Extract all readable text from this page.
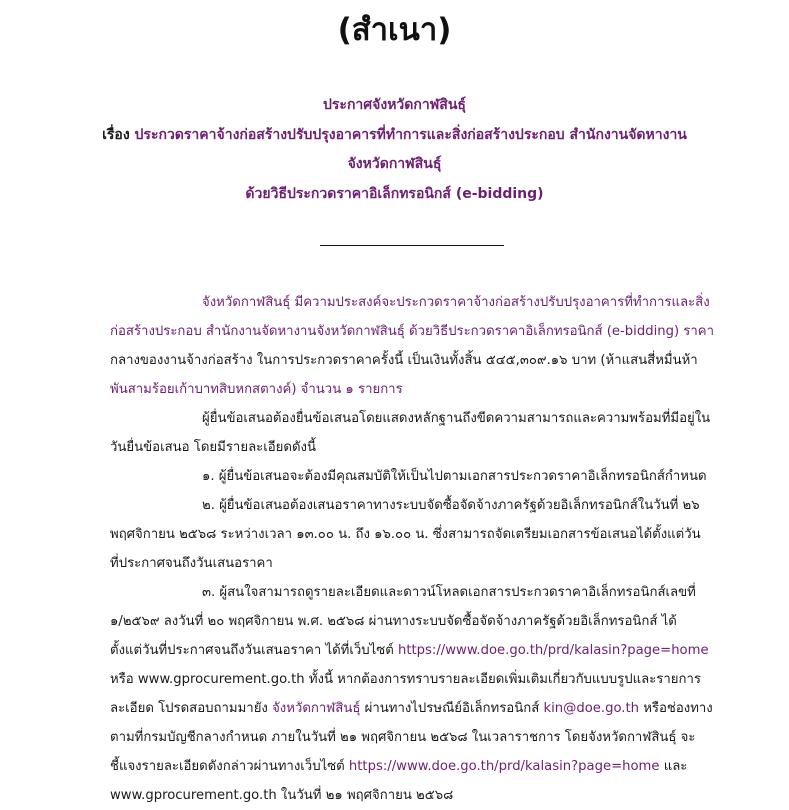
(สำเนา)
ประกาศจังหวัดกาฬสินธุ์
เรื่อง ประกวดราคาจ้างก่อสร้างปรับปรุงอาคารที่ทำการและสิ่งก่อสร้างประกอบ สำนักงานจัดหางาน
จังหวัดกาฬสินธุ์
ด้วยวิธีประกวดราคาอิเล็กทรอนิกส์ (e-bidding)
จังหวัดกาฬสินธุ์ มีความประสงค์จะประกวดราคาจ้างก่อสร้างปรับปรุงอาคารที่ทำการและสิ่ง
ก่อสร้างประกอบ สำนักงานจัดหางานจังหวัดกาฬสินธุ์ ด้วยวิธีประกวดราคาอิเล็กทรอนิกส์ (e-bidding) ราคา
กลางของงานจ้างก่อสร้าง ในการประกวดราคาครั้งนี้ เป็นเงินทั้งสิ้น ๕๔๕,๓๐๙.๑๖ บาท (ห้าแสนสี่หมื่นห้า
พันสามร้อยเก้าบาทสิบหกสตางค์) จำนวน ๑ รายการ
ผู้ยื่นข้อเสนอต้องยื่นข้อเสนอโดยแสดงหลักฐานถึงขีดความสามารถและความพร้อมที่มีอยู่ใน
วันยื่นข้อเสนอ โดยมีรายละเอียดดังนี้
๑. ผู้ยื่นข้อเสนอจะต้องมีคุณสมบัติให้เป็นไปตามเอกสารประกวดราคาอิเล็กทรอนิกส์กำหนด
๒. ผู้ยื่นข้อเสนอต้องเสนอราคาทางระบบจัดซื้อจัดจ้างภาครัฐด้วยอิเล็กทรอนิกส์ในวันที่ ๒๖
พฤศจิกายน ๒๕๖๘ ระหว่างเวลา ๑๓.๐๐ น. ถึง ๑๖.๐๐ น. ซึ่งสามารถจัดเตรียมเอกสารข้อเสนอได้ตั้งแต่วัน
ที่ประกาศจนถึงวันเสนอราคา
๓. ผู้สนใจสามารถดูรายละเอียดและดาวน์โหลดเอกสารประกวดราคาอิเล็กทรอนิกส์เลขที่
๑/๒๕๖๙ ลงวันที่ ๒๐ พฤศจิกายน พ.ศ. ๒๕๖๘ ผ่านทางระบบจัดซื้อจัดจ้างภาครัฐด้วยอิเล็กทรอนิกส์ ได้
ตั้งแต่วันที่ประกาศจนถึงวันเสนอราคา ได้ที่เว็บไซต์ https://www.doe.go.th/prd/kalasin?page=home
หรือ www.gprocurement.go.th ทั้งนี้ หากต้องการทราบรายละเอียดเพิ่มเติมเกี่ยวกับแบบรูปและรายการ
ละเอียด โปรดสอบถามมายัง จังหวัดกาฬสินธุ์ ผ่านทางไปรษณีย์อิเล็กทรอนิกส์ kin@doe.go.th หรือช่องทาง
ตามที่กรมบัญชีกลางกำหนด ภายในวันที่ ๒๑ พฤศจิกายน ๒๕๖๘ ในเวลาราชการ โดยจังหวัดกาฬสินธุ์ จะ
ชี้แจงรายละเอียดดังกล่าวผ่านทางเว็บไซต์ https://www.doe.go.th/prd/kalasin?page=home และ
www.gprocurement.go.th ในวันที่ ๒๑ พฤศจิกายน ๒๕๖๘
